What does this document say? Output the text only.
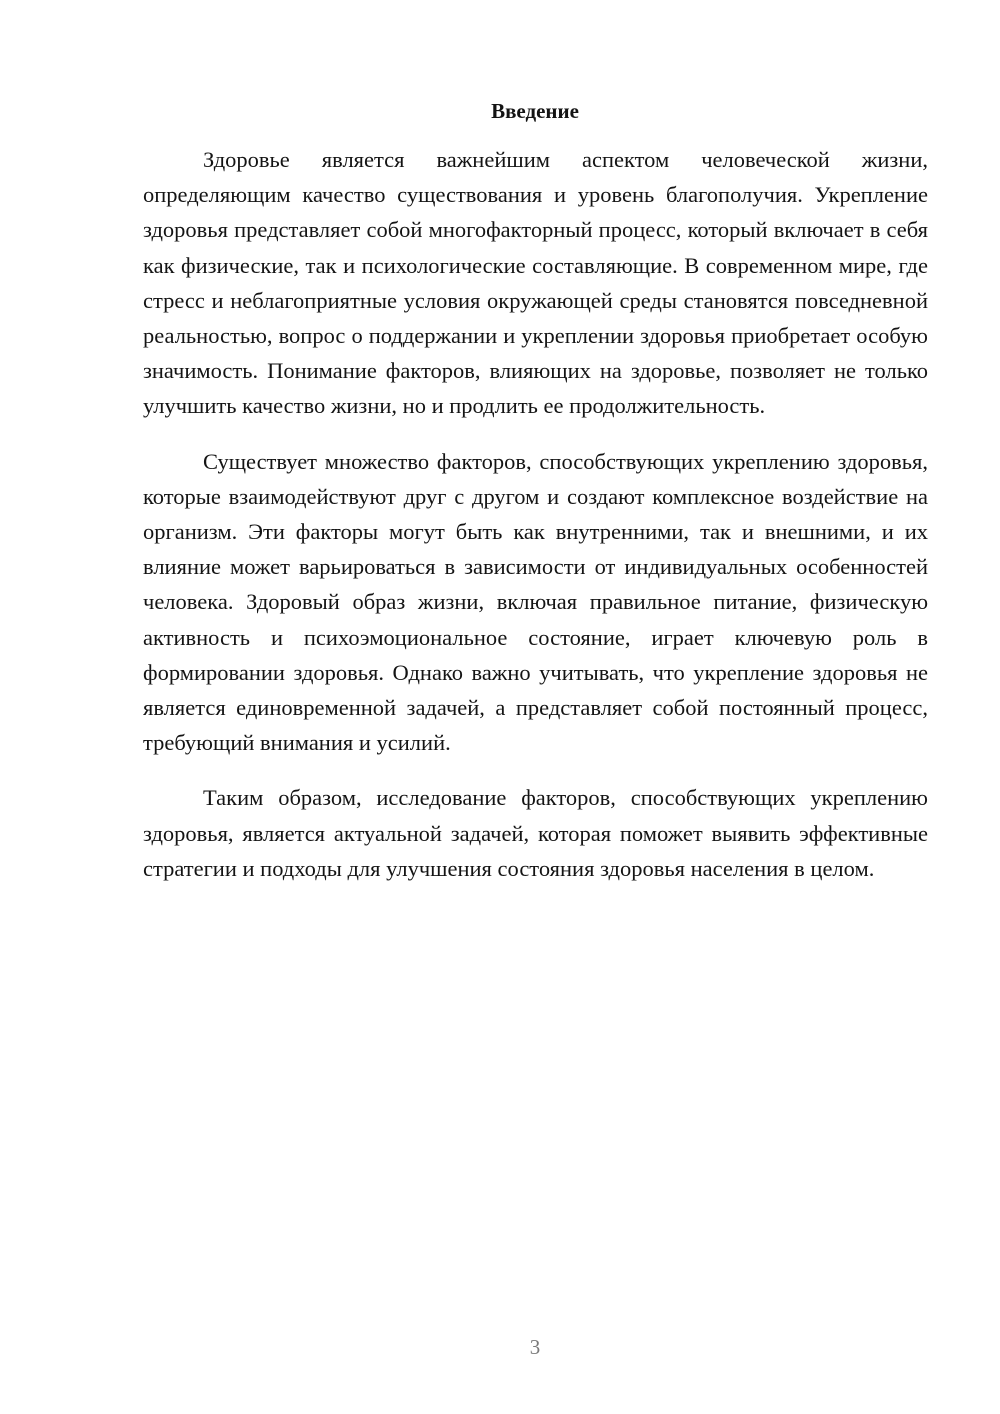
Введение

Здоровье является важнейшим аспектом человеческой жизни, определяющим качество существования и уровень благополучия. Укрепление здоровья представляет собой многофакторный процесс, который включает в себя как физические, так и психологические составляющие. В современном мире, где стресс и неблагоприятные условия окружающей среды становятся повседневной реальностью, вопрос о поддержании и укреплении здоровья приобретает особую значимость. Понимание факторов, влияющих на здоровье, позволяет не только улучшить качество жизни, но и продлить ее продолжительность.

Существует множество факторов, способствующих укреплению здоровья, которые взаимодействуют друг с другом и создают комплексное воздействие на организм. Эти факторы могут быть как внутренними, так и внешними, и их влияние может варьироваться в зависимости от индивидуальных особенностей человека. Здоровый образ жизни, включая правильное питание, физическую активность и психоэмоциональное состояние, играет ключевую роль в формировании здоровья. Однако важно учитывать, что укрепление здоровья не является единовременной задачей, а представляет собой постоянный процесс, требующий внимания и усилий.

Таким образом, исследование факторов, способствующих укреплению здоровья, является актуальной задачей, которая поможет выявить эффективные стратегии и подходы для улучшения состояния здоровья населения в целом.

3
